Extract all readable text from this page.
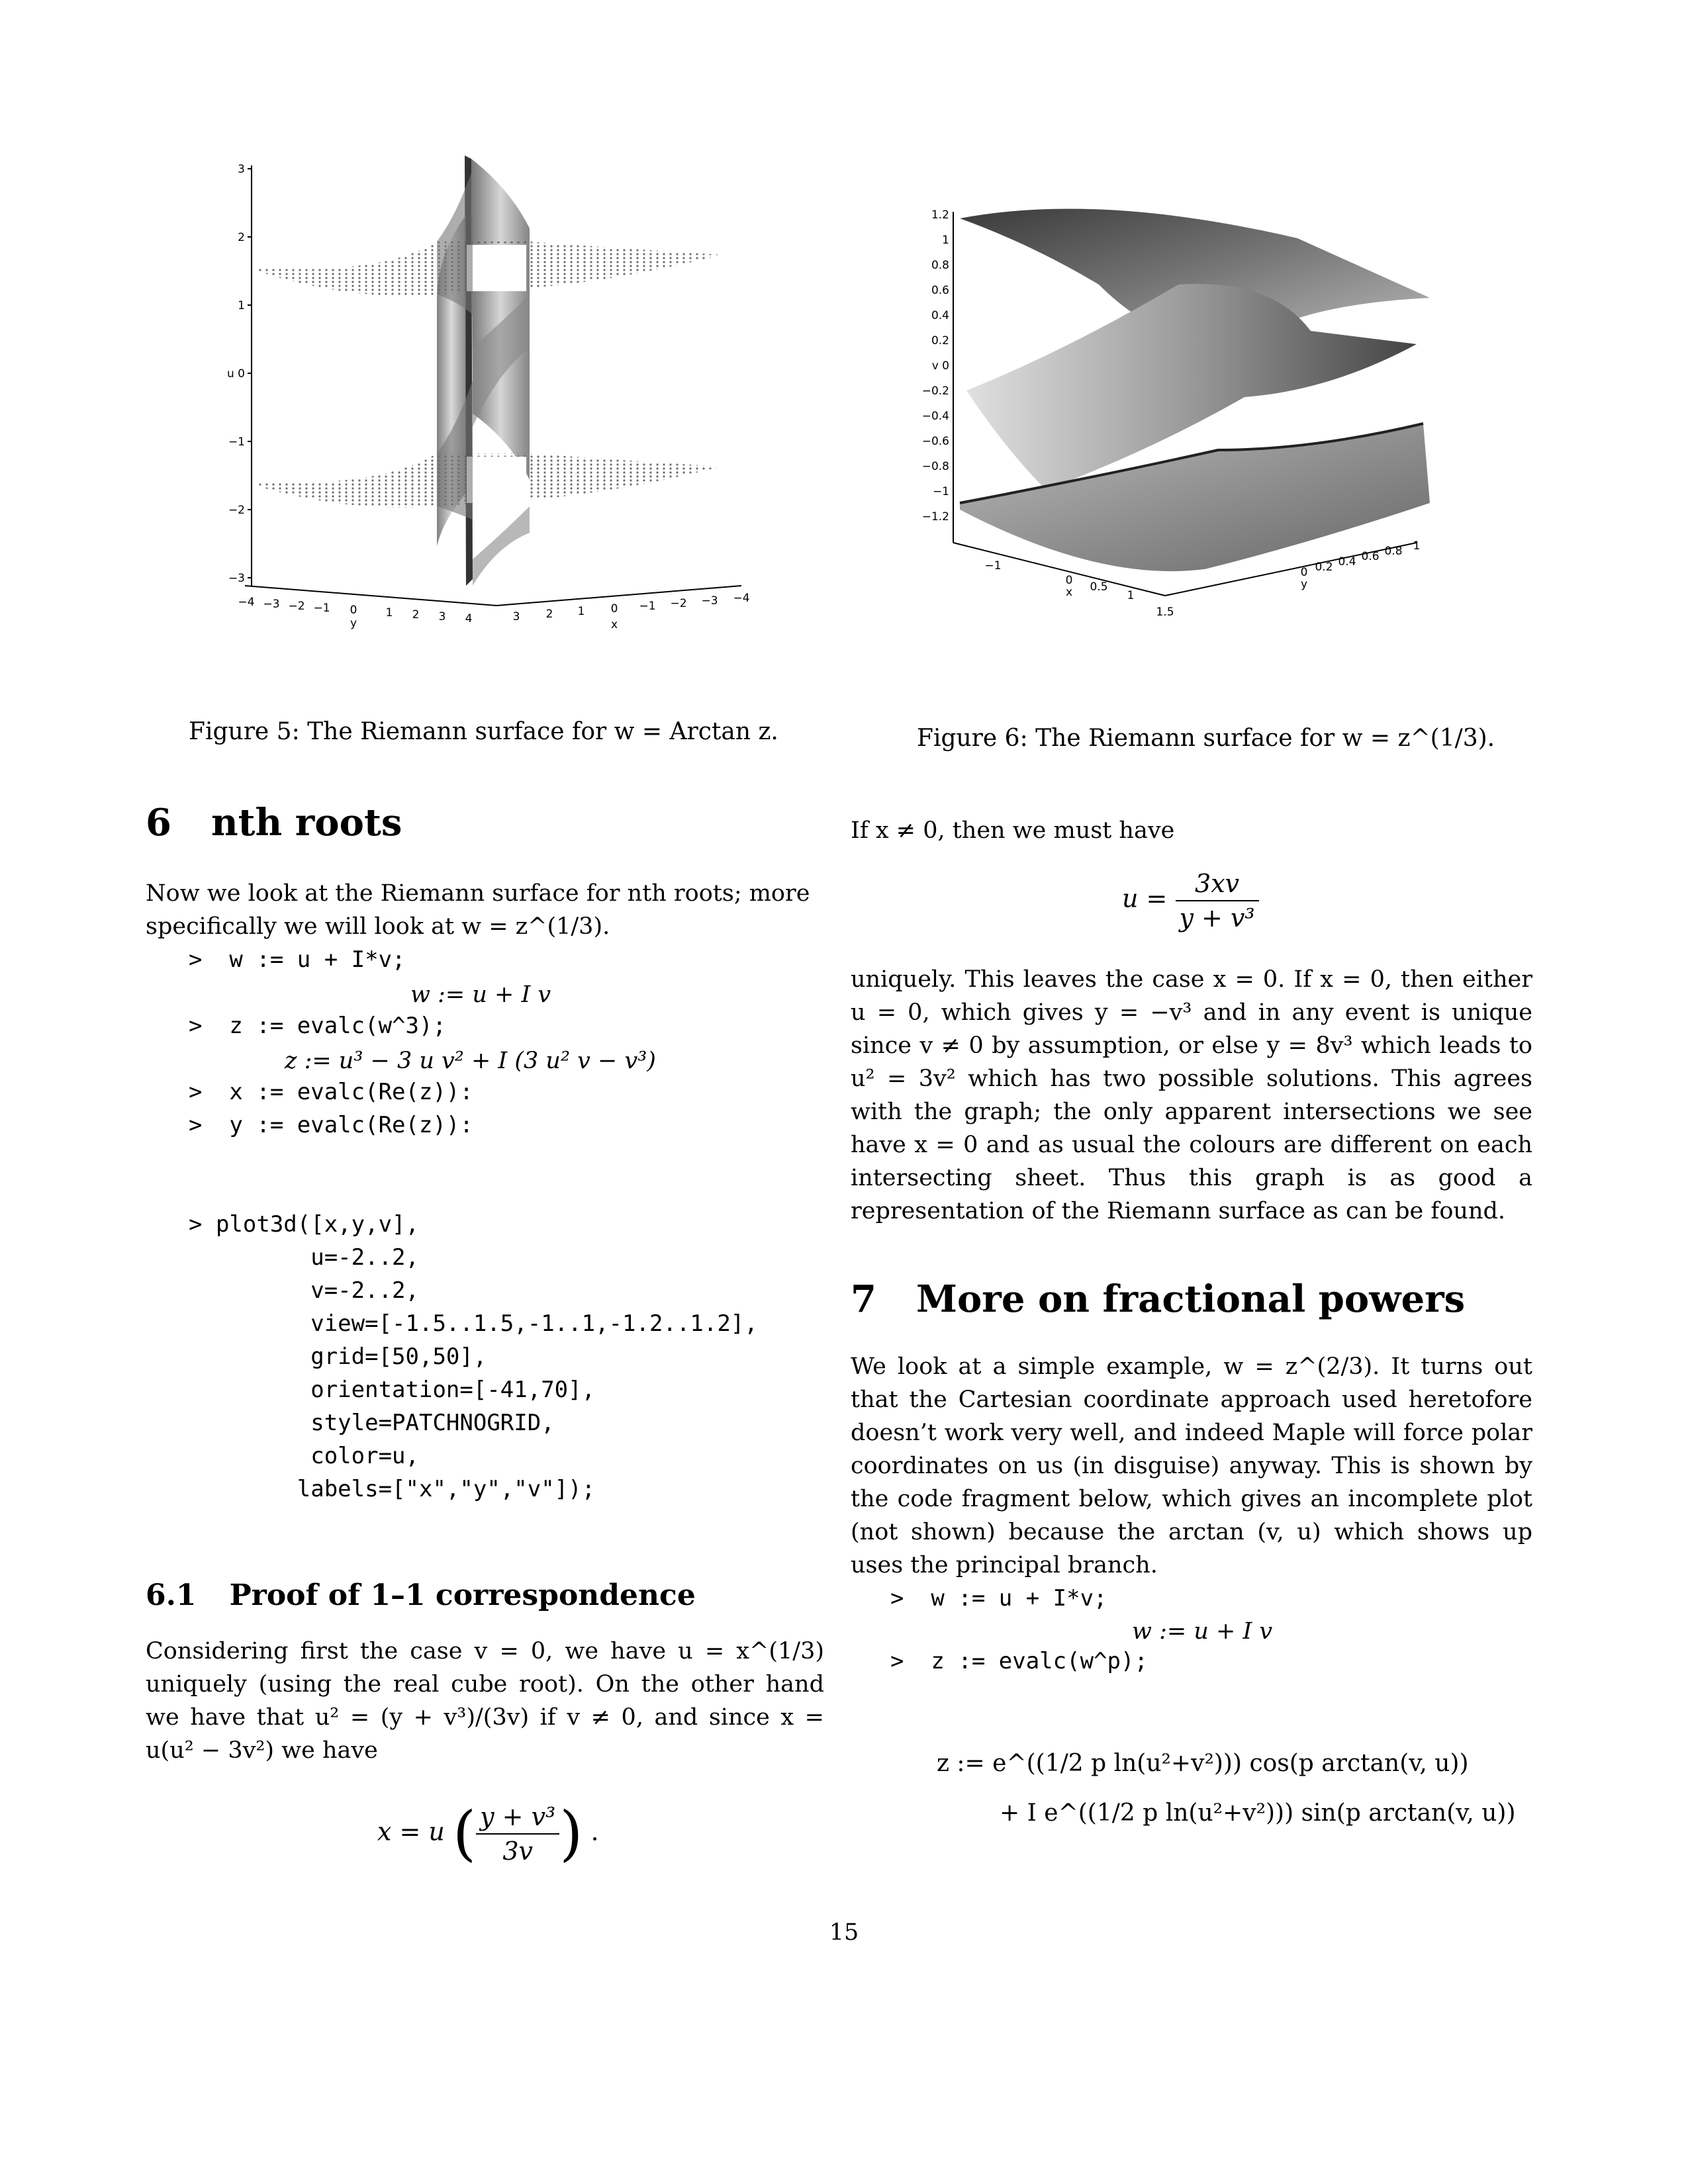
3
2
1
u 0
−1
−2
−3
−4 −3 −2 −1 0	1 2 3 4
y	3 2 1 0 −1 −2 −3 −4
x
Figure 5: The Riemann surface for w = Arctan z.
1.2
1
0.8
0.6
0.4
0.2
v 0
−0.2
−0.4
−0.6
−0.8
−1
−1.2
−1
0 0.5
1
1.5
x
0 0.2 0.4 0.6 0.8 1
y
Figure 6: The Riemann surface for w = z^(1/3).
6 nth roots
Now we look at the Riemann surface for nth roots; more
specifically we will look at w = z^(1/3).
>  w := u + I*v;
w := u + I v
>  z := evalc(w^3);
z := u³ − 3 u v² + I (3 u² v − v³)
>  x := evalc(Re(z)):
>  y := evalc(Re(z)):
> plot3d([x,y,v],
u=-2..2,
v=-2..2,
view=[-1.5..1.5,-1..1,-1.2..1.2],
grid=[50,50],
orientation=[-41,70],
style=PATCHNOGRID,
color=u,
labels=["x","y","v"]);
6.1 Proof of 1–1 correspondence
Considering first the case v = 0, we have u = x^(1/3) uniquely (using the real cube root). On the other hand we have that u² = (y + v³)/(3v) if v ≠ 0, and since x = u(u² − 3v²) we have
x = u ( $\frac{\text{y + v³}}{3v}$ ) .
If x ≠ 0, then we must have
$u = \frac{3xv}{\text{y + v³}}$
uniquely. This leaves the case x = 0. If x = 0, then either u = 0, which gives y = −v³ and in any event is unique since v ≠ 0 by assumption, or else y = 8v³ which leads to u² = 3v² which has two possible solutions. This agrees with the graph; the only apparent intersections we see have x = 0 and as usual the colours are different on each intersecting sheet. Thus this graph is as good a representation of the Riemann surface as can be found.
7 More on fractional powers
We look at a simple example, w = z^(2/3). It turns out that the Cartesian coordinate approach used heretofore doesn’t work very well, and indeed Maple will force polar coordinates on us (in disguise) anyway. This is shown by the code fragment below, which gives an incomplete plot (not shown) because the arctan (v, u) which shows up uses the principal branch.
>  w := u + I*v;
w := u + I v
>  z := evalc(w^p);
z := e^((1/2 p ln(u²+v²))) cos(p arctan(v, u))
+ I e^((1/2 p ln(u²+v²))) sin(p arctan(v, u))
15
